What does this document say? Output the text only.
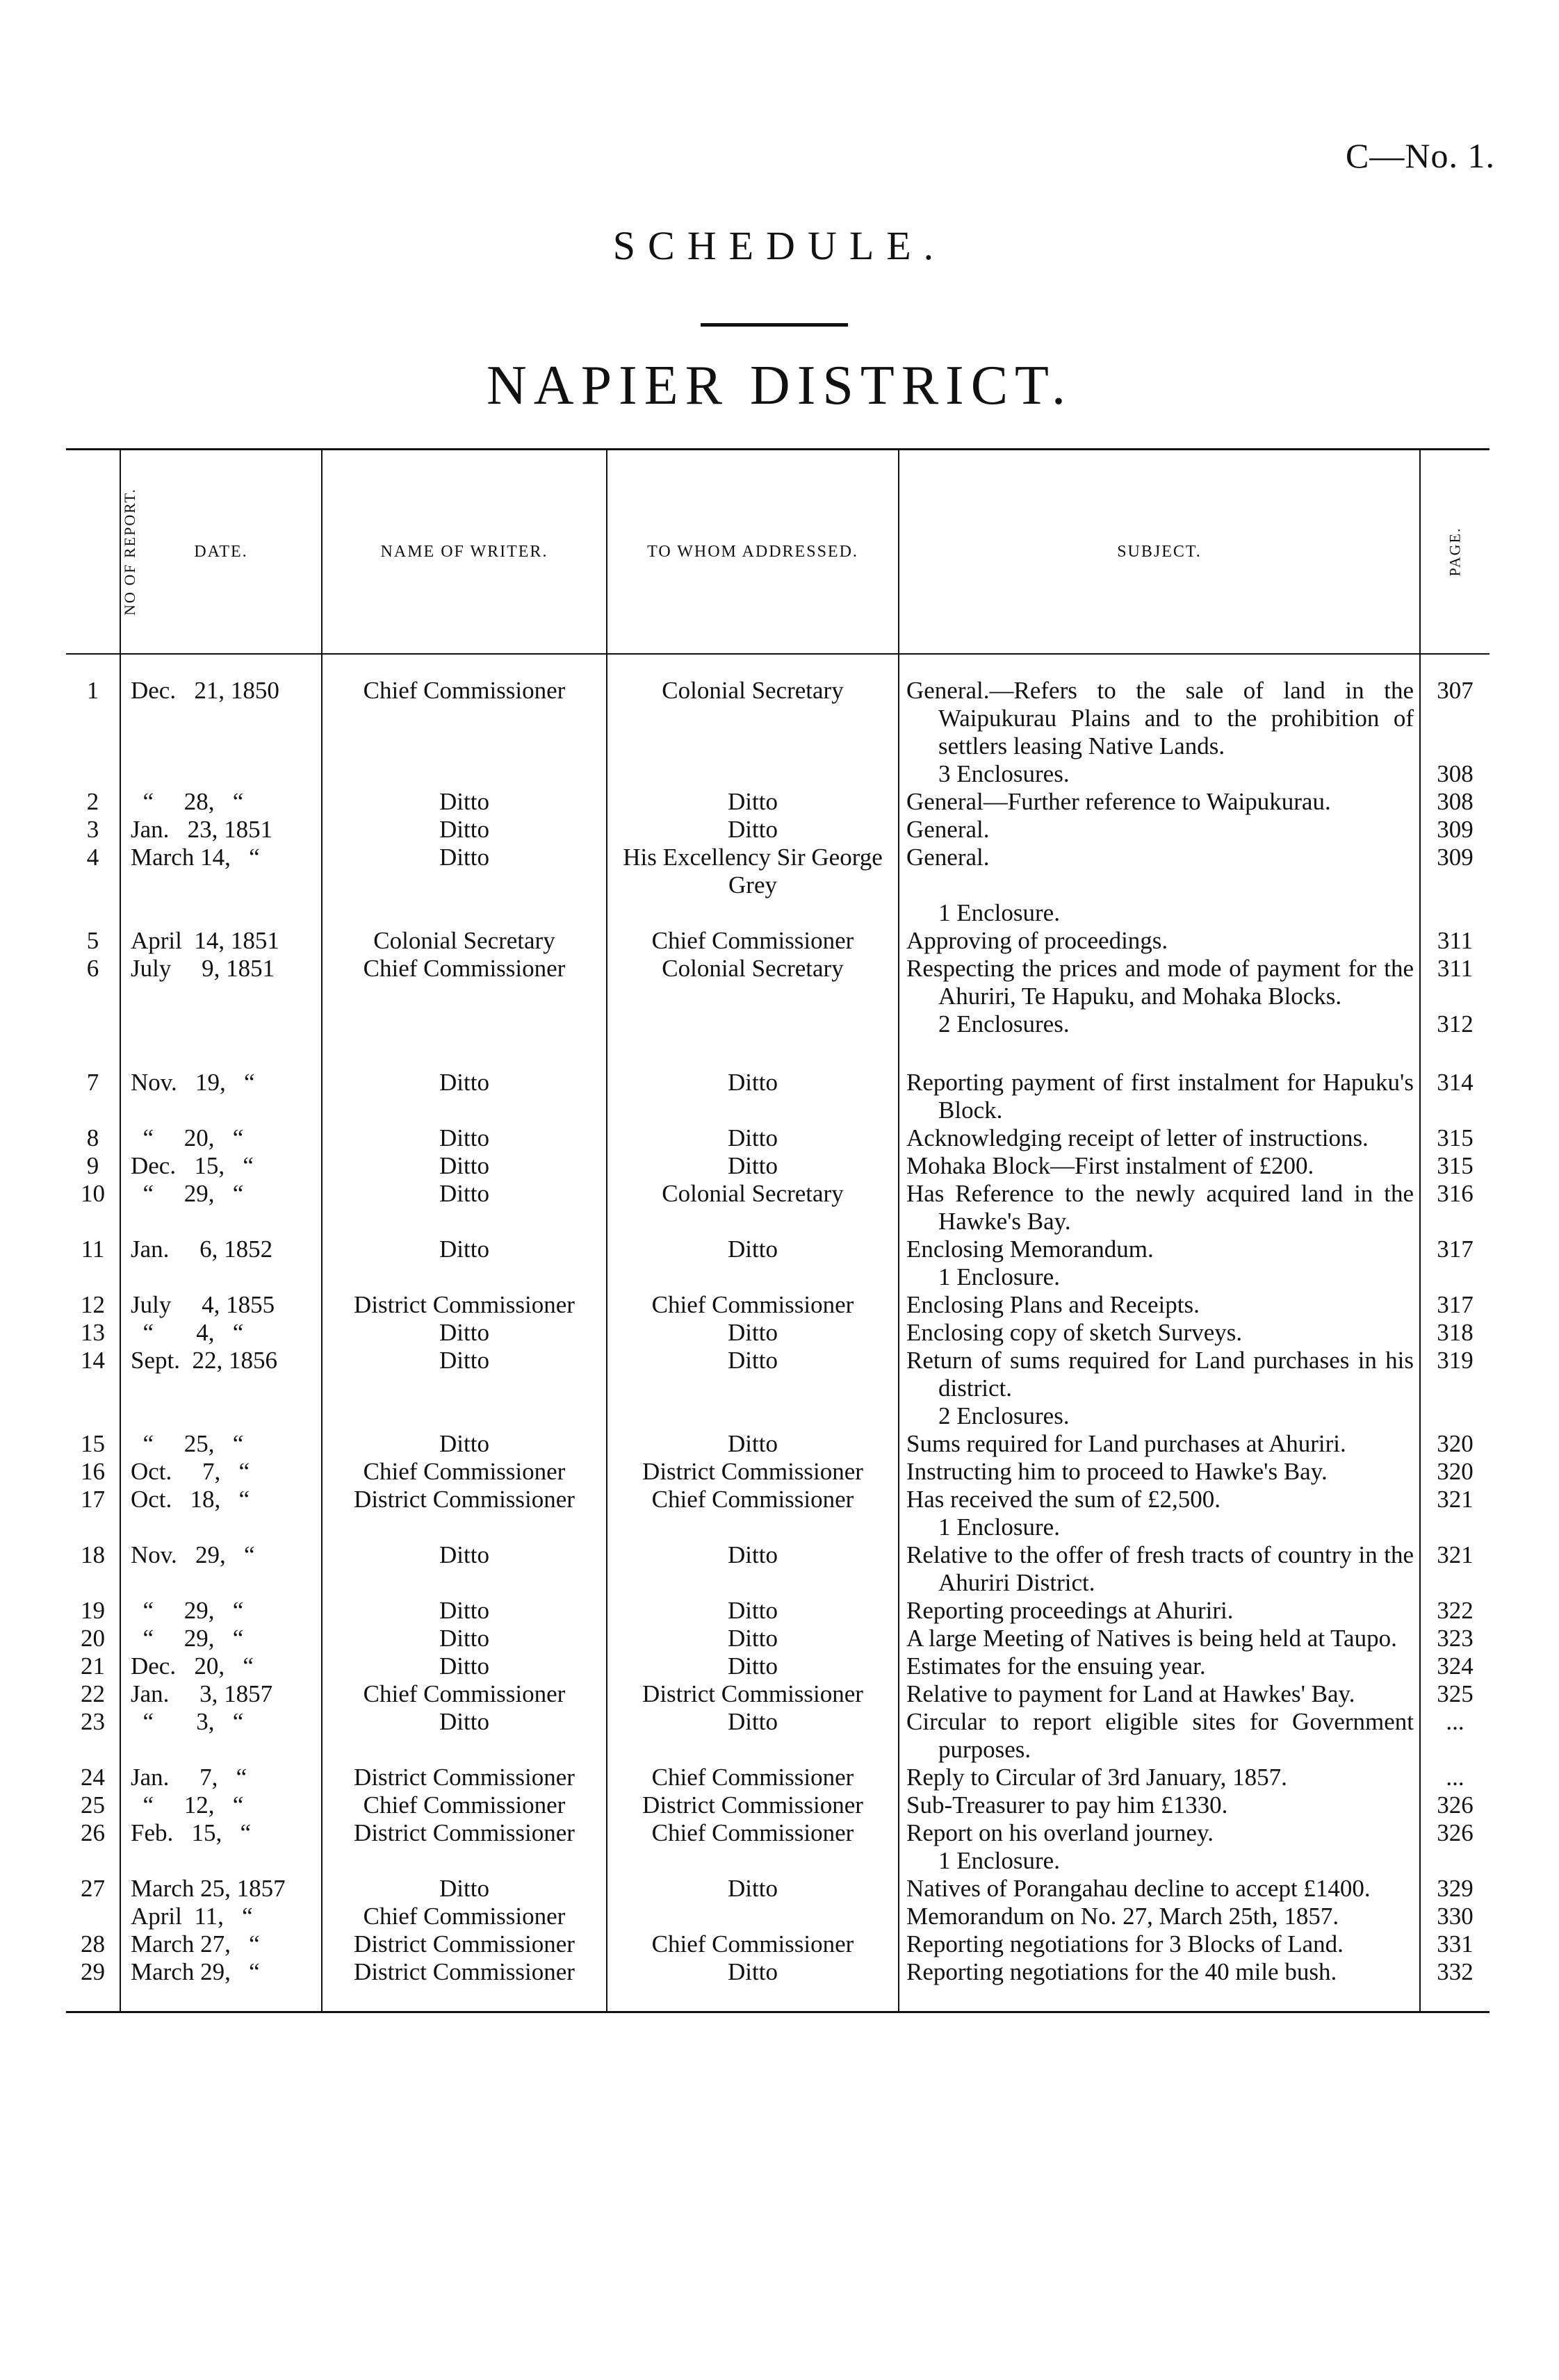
C—No. 1.
SCHEDULE.
NAPIER DISTRICT.
NO OF REPORT.	DATE.	NAME OF WRITER.	TO WHOM ADDRESSED.	SUBJECT.	PAGE.
1	Dec.   21, 1850	Chief Commissioner	Colonial Secretary	General.—Refers to the sale of land in the Waipukurau Plains and to the prohibition of settlers leasing Native Lands.	307

				3 Enclosures.	308
2	“     28,   “	Ditto	Ditto	General—Further reference to Waipukurau.	308
3	Jan.   23, 1851	Ditto	Ditto	General.	309
4	March 14,   “	Ditto	His Excellency Sir George Grey	General.	309

				1 Enclosure.	

5	April  14, 1851	Colonial Secretary	Chief Commissioner	Approving of proceedings.	311
6	July     9, 1851	Chief Commissioner	Colonial Secretary	Respecting the prices and mode of payment for the Ahuriri, Te Hapuku, and Mohaka Blocks.	311

				2 Enclosures.	312
7	Nov.   19,   “	Ditto	Ditto	Reporting payment of first instalment for Hapuku's Block.	314
8	“     20,   “	Ditto	Ditto	Acknowledging receipt of letter of instructions.	315
9	Dec.   15,   “	Ditto	Ditto	Mohaka Block—First instalment of £200.	315
10	“     29,   “	Ditto	Colonial Secretary	Has Reference to the newly acquired land in the Hawke's Bay.	316
11	Jan.     6, 1852	Ditto	Ditto	Enclosing Memorandum.	317

				1 Enclosure.	

12	July     4, 1855	District Commissioner	Chief Commissioner	Enclosing Plans and Receipts.	317
13	“       4,   “	Ditto	Ditto	Enclosing copy of sketch Surveys.	318
14	Sept.  22, 1856	Ditto	Ditto	Return of sums required for Land purchases in his district.	319

				2 Enclosures.	

15	“     25,   “	Ditto	Ditto	Sums required for Land purchases at Ahuriri.	320
16	Oct.     7,   “	Chief Commissioner	District Commissioner	Instructing him to proceed to Hawke's Bay.	320
17	Oct.   18,   “	District Commissioner	Chief Commissioner	Has received the sum of £2,500.	321

				1 Enclosure.	

18	Nov.   29,   “	Ditto	Ditto	Relative to the offer of fresh tracts of country in the Ahuriri District.	321
19	“     29,   “	Ditto	Ditto	Reporting proceedings at Ahuriri.	322
20	“     29,   “	Ditto	Ditto	A large Meeting of Natives is being held at Taupo.	323
21	Dec.   20,   “	Ditto	Ditto	Estimates for the ensuing year.	324
22	Jan.     3, 1857	Chief Commissioner	District Commissioner	Relative to payment for Land at Hawkes' Bay.	325
23	“       3,   “	Ditto	Ditto	Circular to report eligible sites for Government purposes.	...
24	Jan.     7,   “	District Commissioner	Chief Commissioner	Reply to Circular of 3rd January, 1857.	...
25	“     12,   “	Chief Commissioner	District Commissioner	Sub-Treasurer to pay him £1330.	326
26	Feb.   15,   “	District Commissioner	Chief Commissioner	Report on his overland journey.	326

				1 Enclosure.	

27	March 25, 1857	Ditto	Ditto	Natives of Porangahau decline to accept £1400.	329
	April  11,   “	Chief Commissioner		Memorandum on No. 27, March 25th, 1857.	330
28	March 27,   “	District Commissioner	Chief Commissioner	Reporting negotiations for 3 Blocks of Land.	331
29	March 29,   “	District Commissioner	Ditto	Reporting negotiations for the 40 mile bush.	332
